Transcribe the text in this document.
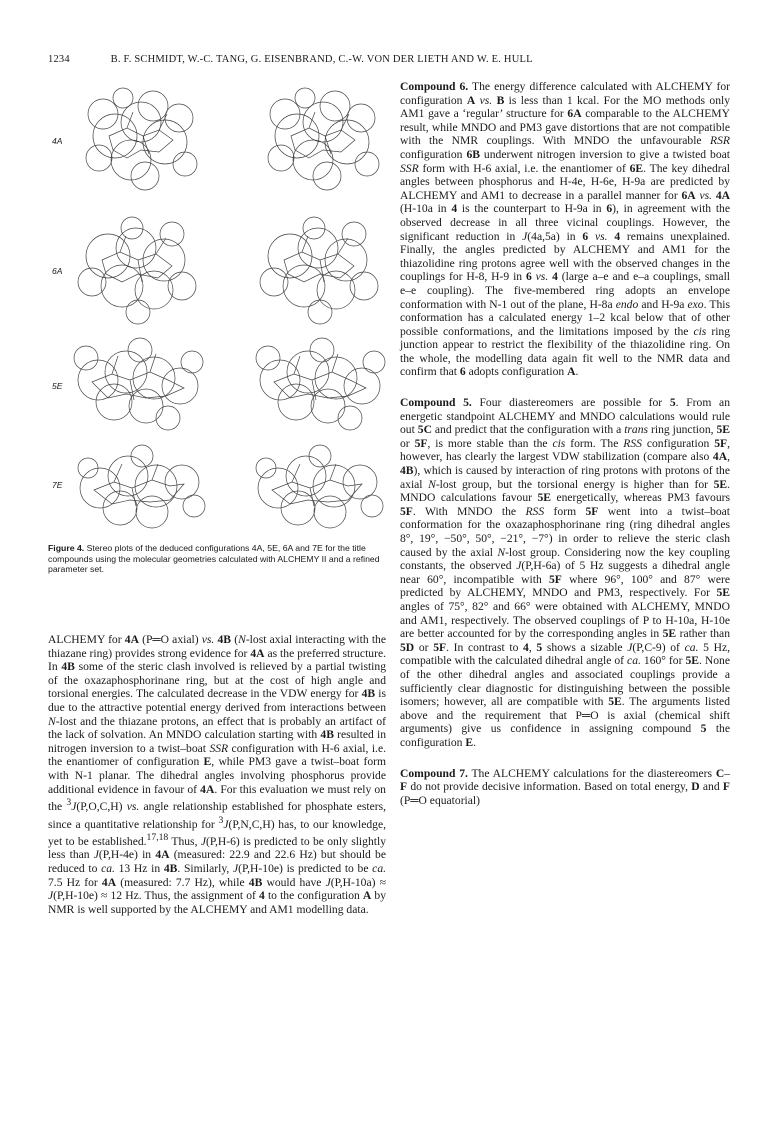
1234	B. F. SCHMIDT, W.-C. TANG, G. EISENBRAND, C.-W. VON DER LIETH AND W. E. HULL
4A
6A
5E
7E
Figure 4. Stereo plots of the deduced configurations 4A, 5E, 6A and 7E for the title compounds using the molecular geometries calculated with ALCHEMY II and a refined parameter set.

ALCHEMY for 4A (P═O axial) vs. 4B (N-lost axial interacting with the thiazane ring) provides strong evidence for 4A as the preferred structure. In 4B some of the steric clash involved is relieved by a partial twisting of the oxazaphosphorinane ring, but at the cost of high angle and torsional energies. The calculated decrease in the VDW energy for 4B is due to the attractive potential energy derived from interactions between N-lost and the thiazane protons, an effect that is probably an artifact of the lack of solvation. An MNDO calculation starting with 4B resulted in nitrogen inversion to a twist–boat SSR configuration with H-6 axial, i.e. the enantiomer of configuration E, while PM3 gave a twist–boat form with N-1 planar. The dihedral angles involving phosphorus provide additional evidence in favour of 4A. For this evaluation we must rely on the $^3$J(P,O,C,H) vs. angle relationship established for phosphate esters, since a quantitative relationship for $^3$J(P,N,C,H) has, to our knowledge, yet to be established.$^{17,18}$ Thus, J(P,H-6) is predicted to be only slightly less than J(P,H-4e) in 4A (measured: 22.9 and 22.6 Hz) but should be reduced to ca. 13 Hz in 4B. Similarly, J(P,H-10e) is predicted to be ca. 7.5 Hz for 4A (measured: 7.7 Hz), while 4B would have J(P,H-10a) ≈ J(P,H-10e) ≈ 12 Hz. Thus, the assignment of 4 to the configuration A by NMR is well supported by the ALCHEMY and AM1 modelling data.

Compound 6. The energy difference calculated with ALCHEMY for configuration A vs. B is less than 1 kcal. For the MO methods only AM1 gave a ‘regular’ structure for 6A comparable to the ALCHEMY result, while MNDO and PM3 gave distortions that are not compatible with the NMR couplings. With MNDO the unfavourable RSR configuration 6B underwent nitrogen inversion to give a twisted boat SSR form with H-6 axial, i.e. the enantiomer of 6E. The key dihedral angles between phosphorus and H-4e, H-6e, H-9a are predicted by ALCHEMY and AM1 to decrease in a parallel manner for 6A vs. 4A (H-10a in 4 is the counterpart to H-9a in 6), in agreement with the observed decrease in all three vicinal couplings. However, the significant reduction in J(4a,5a) in 6 vs. 4 remains unexplained. Finally, the angles predicted by ALCHEMY and AM1 for the thiazolidine ring protons agree well with the observed changes in the couplings for H-8, H-9 in 6 vs. 4 (large a–e and e–a couplings, small e–e coupling). The five-membered ring adopts an envelope conformation with N-1 out of the plane, H-8a endo and H-9a exo. This conformation has a calculated energy 1–2 kcal below that of other possible conformations, and the limitations imposed by the cis ring junction appear to restrict the flexibility of the thiazolidine ring. On the whole, the modelling data again fit well to the NMR data and confirm that 6 adopts configuration A.

Compound 5. Four diastereomers are possible for 5. From an energetic standpoint ALCHEMY and MNDO calculations would rule out 5C and predict that the configuration with a trans ring junction, 5E or 5F, is more stable than the cis form. The RSS configuration 5F, however, has clearly the largest VDW stabilization (compare also 4A, 4B), which is caused by interaction of ring protons with protons of the axial N-lost group, but the torsional energy is higher than for 5E. MNDO calculations favour 5E energetically, whereas PM3 favours 5F. With MNDO the RSS form 5F went into a twist–boat conformation for the oxazaphosphorinane ring (ring dihedral angles 8°, 19°, −50°, 50°, −21°, −7°) in order to relieve the steric clash caused by the axial N-lost group. Considering now the key coupling constants, the observed J(P,H-6a) of 5 Hz suggests a dihedral angle near 60°, incompatible with 5F where 96°, 100° and 87° were predicted by ALCHEMY, MNDO and PM3, respectively. For 5E angles of 75°, 82° and 66° were obtained with ALCHEMY, MNDO and AM1, respectively. The observed couplings of P to H-10a, H-10e are better accounted for by the corresponding angles in 5E rather than 5D or 5F. In contrast to 4, 5 shows a sizable J(P,C-9) of ca. 5 Hz, compatible with the calculated dihedral angle of ca. 160° for 5E. None of the other dihedral angles and associated couplings provide a sufficiently clear diagnostic for distinguishing between the possible isomers; however, all are compatible with 5E. The arguments listed above and the requirement that P═O is axial (chemical shift arguments) give us confidence in assigning compound 5 the configuration E.

Compound 7. The ALCHEMY calculations for the diastereomers C–F do not provide decisive information. Based on total energy, D and F (P═O equatorial)
